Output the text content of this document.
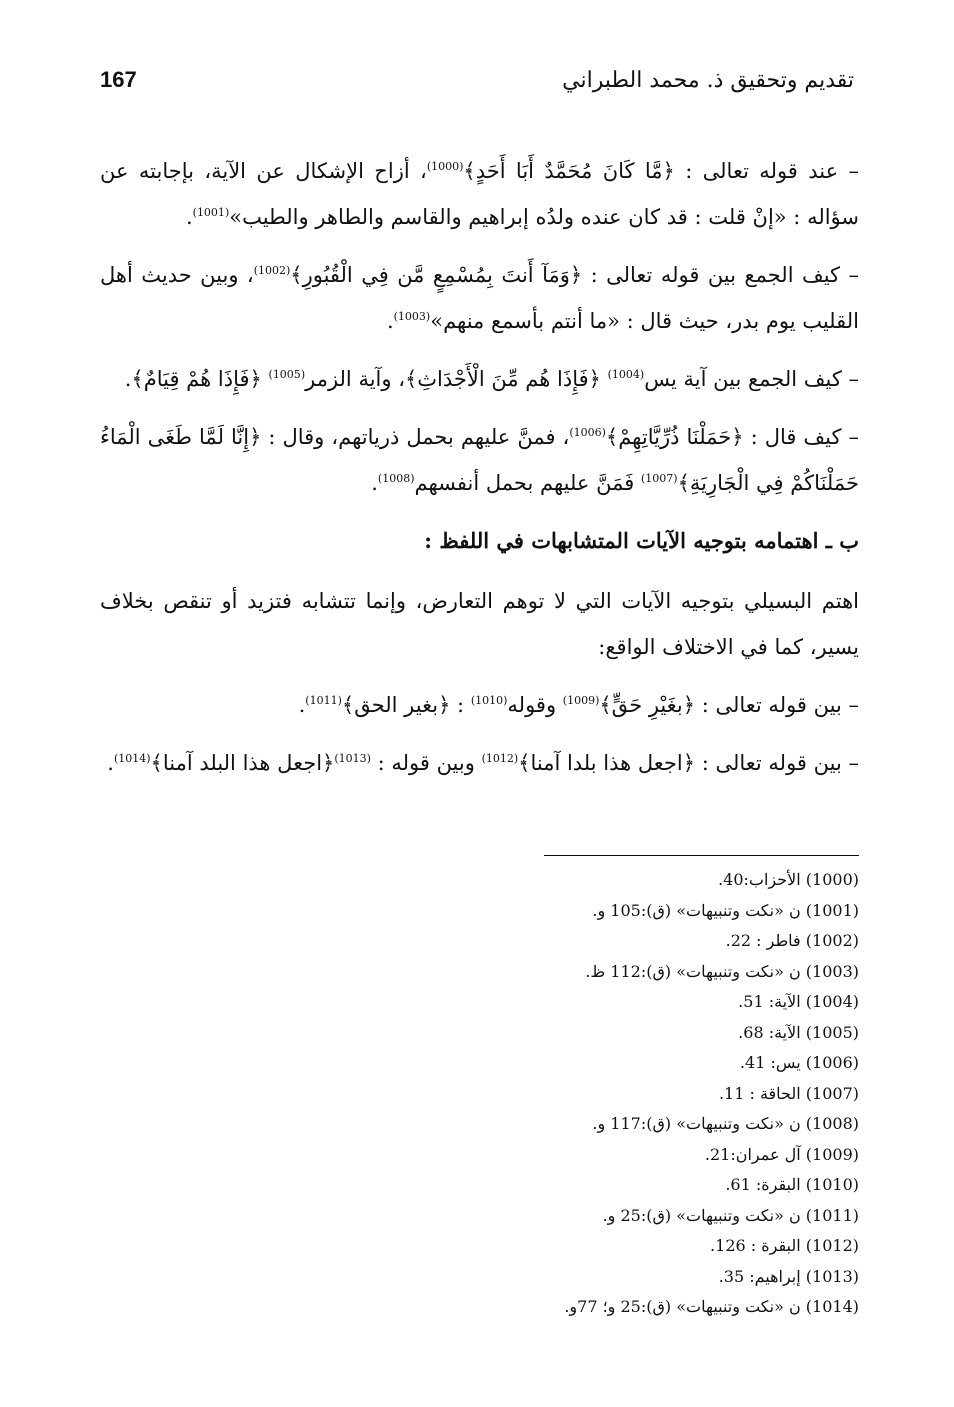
167	تقديم وتحقيق ذ. محمد الطبراني

– عند قوله تعالى : ﴿مَّا كَانَ مُحَمَّدٌ أَبَا أَحَدٍ﴾$^{(1000)}$، أزاح الإشكال عن الآية، بإجابته عن سؤاله : «إنْ قلت : قد كان عنده ولدُه إبراهيم والقاسم والطاهر والطيب»$^{(1001)}$.

– كيف الجمع بين قوله تعالى : ﴿وَمَآ أَنتَ بِمُسْمِعٍ مَّن فِي الْقُبُورِ﴾$^{(1002)}$، وبين حديث أهل القليب يوم بدر، حيث قال : «ما أنتم بأسمع منهم»$^{(1003)}$.

– كيف الجمع بين آية يس$^{(1004)}$ ﴿فَإِذَا هُم مِّنَ الْأَجْدَاثِ﴾، وآية الزمر$^{(1005)}$ ﴿فَإِذَا هُمْ قِيَامٌ﴾.

– كيف قال : ﴿حَمَلْنَا ذُرِّيَّاتِهِمْ﴾$^{(1006)}$، فمنَّ عليهم بحمل ذرياتهم، وقال : ﴿إِنَّا لَمَّا طَغَى الْمَاءُ حَمَلْنَاكُمْ فِي الْجَارِيَةِ﴾$^{(1007)}$ فَمَنَّ عليهم بحمل أنفسهم$^{(1008)}$.

ب ـ اهتمامه بتوجيه الآيات المتشابهات في اللفظ :

اهتم البسيلي بتوجيه الآيات التي لا توهم التعارض، وإنما تتشابه فتزيد أو تنقص بخلاف يسير، كما في الاختلاف الواقع:

– بين قوله تعالى : ﴿بغَيْرِ حَقٍّ﴾$^{(1009)}$ وقوله$^{(1010)}$ : ﴿بغير الحق﴾$^{(1011)}$.

– بين قوله تعالى : ﴿اجعل هذا بلدا آمنا﴾$^{(1012)}$ وبين قوله : $^{(1013)}$﴿اجعل هذا البلد آمنا﴾$^{(1014)}$.

(1000) الأحزاب:40.
(1001) ن «نكت وتنبيهات» (ق):105 و.
(1002) فاطر : 22.
(1003) ن «نكت وتنبيهات» (ق):112 ظ.
(1004) الآية: 51.
(1005) الآية: 68.
(1006) يس: 41.
(1007) الحاقة : 11.
(1008) ن «نكت وتنبيهات» (ق):117 و.
(1009) آل عمران:21.
(1010) البقرة: 61.
(1011) ن «نكت وتنبيهات» (ق):25 و.
(1012) البقرة : 126.
(1013) إبراهيم: 35.
(1014) ن «نكت وتنبيهات» (ق):25 و؛ 77و.
